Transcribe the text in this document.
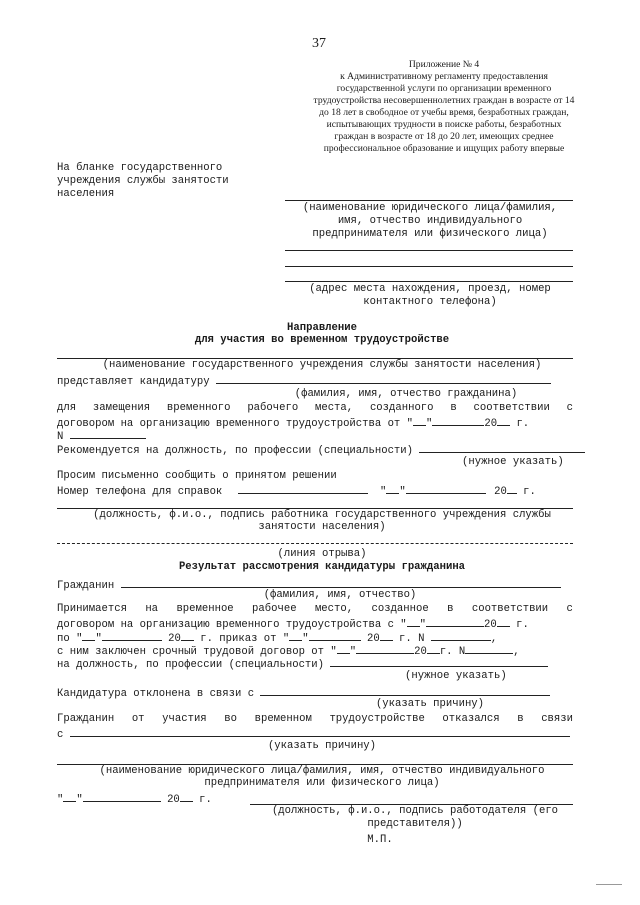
37
Приложение № 4
к Административному регламенту предоставления
государственной услуги по организации временного
трудоустройства несовершеннолетних граждан в возрасте от 14
до 18 лет в свободное от учебы время, безработных граждан,
испытывающих трудности в поиске работы, безработных
граждан в возрасте от 18 до 20 лет, имеющих среднее
профессиональное образование и ищущих работу впервые
На бланке государственного
учреждения службы занятости
населения
(наименование юридического лица/фамилия,
имя, отчество индивидуального
предпринимателя или физического лица)
(адрес места нахождения, проезд, номер
контактного телефона)
Направление
для участия во временном трудоустройстве
(наименование государственного учреждения службы занятости населения)
представляет кандидатуру
(фамилия, имя, отчество гражданина)
для замещения временного рабочего места, созданного в соответствии с
договором на организацию временного трудоустройства от " "	20 г.
N
Рекомендуется на должность, по профессии (специальности)
(нужное указать)
Просим письменно сообщить о принятом решении
Номер телефона для справок	" "	20 г.
(должность, ф.и.о., подпись работника государственного учреждения службы
занятости населения)
(линия отрыва)
Результат рассмотрения кандидатуры гражданина
Гражданин
(фамилия, имя, отчество)
Принимается на временное рабочее место, созданное в соответствии с
договором на организацию временного трудоустройства с " "	20 г.
по " "	20 г. приказ от " "	20 г. N	,
с ним заключен срочный трудовой договор от " "	20 г. N	,
на должность, по профессии (специальности)
(нужное указать)
Кандидатура отклонена в связи с
(указать причину)
Гражданин от участия во временном трудоустройстве отказался в связи
с
(указать причину)
(наименование юридического лица/фамилия, имя, отчество индивидуального
предпринимателя или физического лица)
" "	20 г.
(должность, ф.и.о., подпись работодателя (его
представителя))
М.П.
